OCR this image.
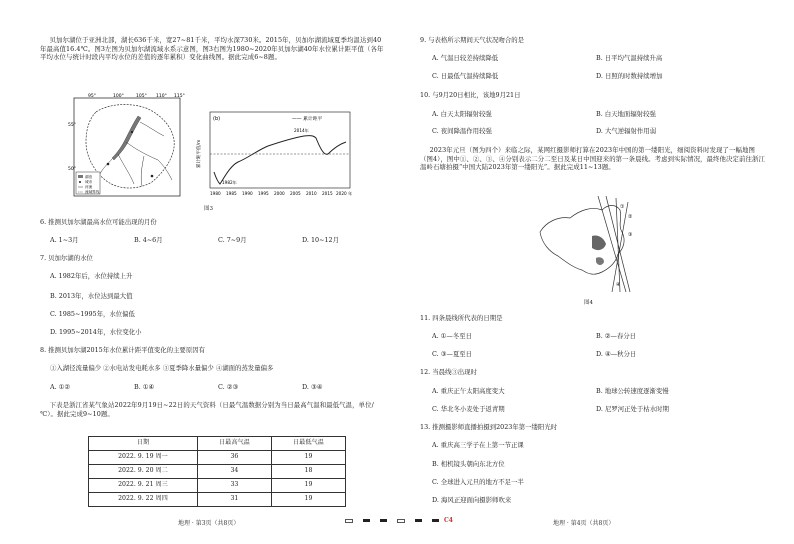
贝加尔湖位于亚洲北部，湖长636千米，宽27~81千米，平均水深730米。2015年，贝加尔湖流域夏季均温达到40年最高值16.4℃。图3左图为贝加尔湖流域水系示意图，图3右图为1980~2020年贝加尔湖40年水位累计距平值（各年平均水位与统计时段内平均水位的差值的逐年累积）变化曲线图。据此完成6~8题。
95°	100°	105° 110° 115°
55°
50°
湖泊
城市
河流
流域界线
(b)	—— 累计距平
累计距平值/m
1982年
2014年
1980 1985 1990 1995 2000 2005 2010 2015 2020 年
图3
6. 推测贝加尔湖最高水位可能出现的月份
A. 1~3月	B. 4~6月	C. 7~9月	D. 10~12月
7. 贝加尔湖的水位
A. 1982年后，水位持续上升
B. 2013年，水位达到最大值
C. 1985~1995年，水位偏低
D. 1995~2014年，水位变化小
8. 推测贝加尔湖2015年水位累计距平值变化的主要原因有
①入湖径流量偏少 ②水电站发电耗水多 ③夏季降水量偏少 ④湖面的蒸发量偏多
A. ①②	B. ①④	C. ②③	D. ③④
下表是浙江省某气象站2022年9月19日~22日的天气资料（日最气温数据分别为当日最高气温和最低气温，单位/℃）。据此完成9~10题。
日期	日最高气温	日最低气温
2022. 9. 19 周一	36	19
2022. 9. 20 周二	34	18
2022. 9. 21 周三	33	19
2022. 9. 22 周四	31	19
地理 · 第3页（共8页）	C4
9. 与表格所示期间天气状况吻合的是
A. 气温日较差持续降低	B. 日平均气温持续升高
C. 日最低气温持续降低	D. 日照的时数持续增加
10. 与9月20日相比，该地9月21日
A. 白天太阳辐射较强	B. 白天地面辐射较强
C. 夜间降温作用较强	D. 大气逆辐射作用弱
2023年元旦（图为四个）来临之际，某网红摄影师打算在2023年中国的第一缕阳光，细阅资料时发现了一幅地图（图4），图中①、②、③、④分别表示二分二至日及某日中国迎来的第一条晨线。考虑到实际情况，最终他决定前往浙江温岭石塘拍摄“中国大陆2023年第一缕阳光”。据此完成11~13题。
①
②
③
④
图4
11. 四条晨线所代表的日期是
A. ①—冬至日	B. ②—春分日
C. ③—夏至日	D. ④—秋分日
12. 当晨线③出现时
A. 重庆正午太阳高度变大	B. 地球公转速度逐渐变慢
C. 华北冬小麦处于返青期	D. 尼罗河正处于枯水时期
13. 推测摄影师直播拍摄到2023年第一缕阳光时
A. 重庆高三学子在上第一节正课
B. 相机镜头朝向东北方位
C. 全球进入元旦的地方不足一半
D. 海风正迎面向摄影师吹来
地理 · 第4页（共8页）
